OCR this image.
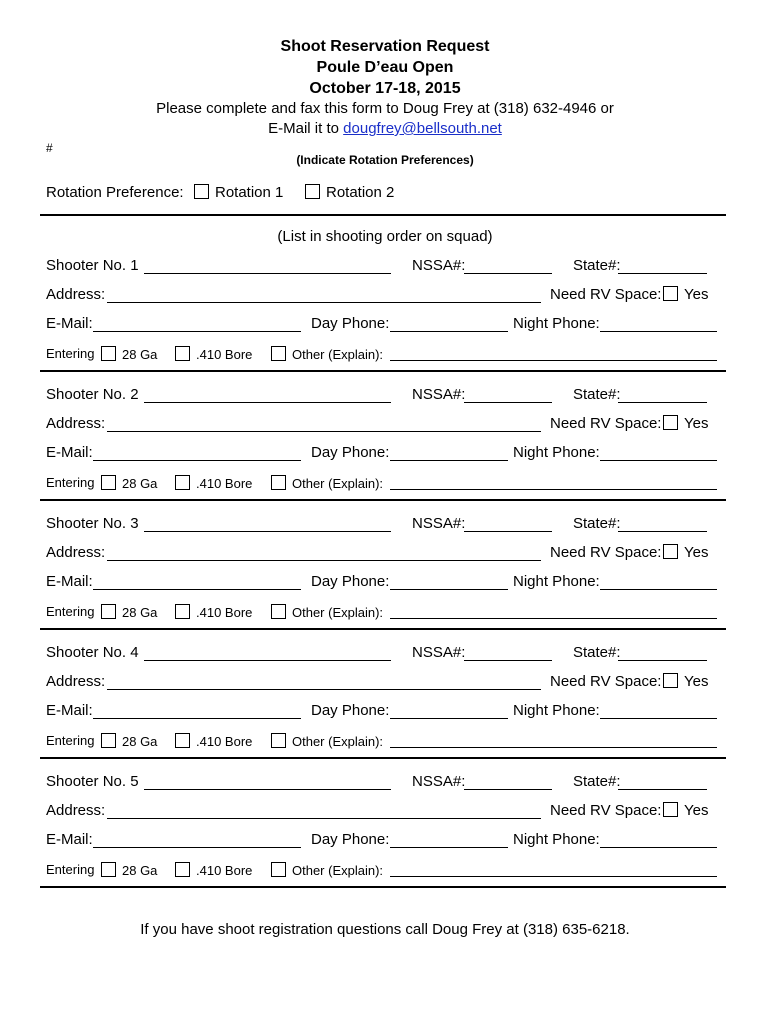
Shoot Reservation Request
Poule D’eau Open
October 17-18, 2015
Please complete and fax this form to Doug Frey at (318) 632-4946 or
E-Mail it to dougfrey@bellsouth.net
#
(Indicate Rotation Preferences)
Rotation Preference:	Rotation 1	Rotation 2
(List in shooting order on squad)
Shooter No. 1	NSSA#:	State#:
Address:	Need RV Space:	Yes
E-Mail:	Day Phone:	Night Phone:
Entering	28 Ga	.410 Bore	Other (Explain):
Shooter No. 2	NSSA#:	State#:
Address:	Need RV Space:	Yes
E-Mail:	Day Phone:	Night Phone:
Entering	28 Ga	.410 Bore	Other (Explain):
Shooter No. 3	NSSA#:	State#:
Address:	Need RV Space:	Yes
E-Mail:	Day Phone:	Night Phone:
Entering	28 Ga	.410 Bore	Other (Explain):
Shooter No. 4	NSSA#:	State#:
Address:	Need RV Space:	Yes
E-Mail:	Day Phone:	Night Phone:
Entering	28 Ga	.410 Bore	Other (Explain):
Shooter No. 5	NSSA#:	State#:
Address:	Need RV Space:	Yes
E-Mail:	Day Phone:	Night Phone:
Entering	28 Ga	.410 Bore	Other (Explain):
If you have shoot registration questions call Doug Frey at (318) 635-6218.
